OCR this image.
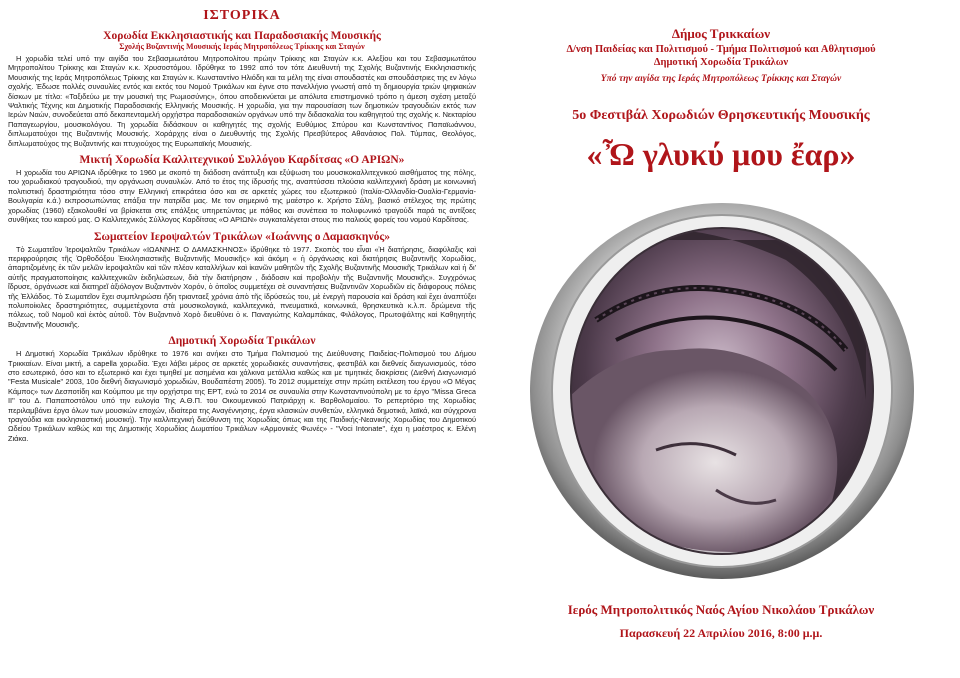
ΙΣΤΟΡΙΚΑ
Χορωδία Εκκλησιαστικής και Παραδοσιακής Μουσικής
Σχολής Βυζαντινής Μουσικής Ιεράς Μητροπόλεως Τρίκκης και Σταγών

Η χορωδία τελεί υπό την αιγίδα του Σεβασμιωτάτου Μητροπολίτου πρώην Τρίκκης και Σταγών κ.κ. Αλεξίου και του Σεβασμιωτάτου Μητροπολίτου Τρίκκης και Σταγών κ.κ. Χρυσοστόμου. Ιδρύθηκε το 1992 από τον τότε Διευθυντή της Σχολής Βυζαντινής Εκκλησιαστικής Μουσικής της Ιεράς Μητροπόλεως Τρίκκης και Σταγών κ. Κωνσταντίνο Ηλιόδη και τα μέλη της είναι σπουδαστές και σπουδάστριες της εν λόγω σχολής. Έδωσε πολλές συναυλίες εντός και εκτός του Νομού Τρικάλων και έγινε στο πανελλήνιο γνωστή από τη δημιουργία τριών ψηφιακών δίσκων με τίτλο: «Ταξιδεύω με την μουσική της Ρωμιοσύνης», όπου αποδεικνύεται με απόλυτα επιστημονικό τρόπο η άμεση σχέση μεταξύ Ψαλτικής Τέχνης και Δημοτικής Παραδοσιακής Ελληνικής Μουσικής. Η χορωδία, για την παρουσίαση των δημοτικών τραγουδιών εκτός των Ιερών Ναών, συνοδεύεται από δεκαπενταμελή ορχήστρα παραδοσιακών οργάνων υπό την διδασκαλία του καθηγητού της σχολής κ. Νεκταρίου Παπαγεωργίου, μουσικολόγου. Τη χορωδία διδάσκουν οι καθηγητές της σχολής Ευθύμιος Σπύρου και Κωνσταντίνος Παπαϊωάννου, διπλωματούχοι της Βυζαντινής Μουσικής. Χοράρχης είναι ο Διευθυντής της Σχολής Πρεσβύτερος Αθανάσιος Πολ. Τύμπας, Θεολόγος, διπλωματούχος της Βυζαντινής και πτυχιούχος της Ευρωπαϊκής Μουσικής.

Μικτή Χορωδία Καλλιτεχνικού Συλλόγου Καρδίτσας «Ο ΑΡΙΩΝ»

Η χορωδία του ΑΡΙΩΝΑ ιδρύθηκε το 1960 με σκοπό τη διάδοση ανάπτυξη και εξύψωση του μουσικοκαλλιτεχνικού αισθήματος της πόλης, του χορωδιακού τραγουδιού, την οργάνωση συναυλιών. Από το έτος της ίδρυσής της, αναπτύσσει πλούσια καλλιτεχνική δράση με κοινωνική πολιτιστική δραστηριότητα τόσο στην Ελληνική επικράτεια όσο και σε αρκετές χώρες του εξωτερικού (Ιταλία-Ολλανδία-Ουαλία-Γερμανία-Βουλγαρία κ.ά.) εκπροσωπώντας επάξια την πατρίδα μας. Με τον σημερινό της μαέστρο κ. Χρήστο Σάλη, βασικό στέλεχος της πρώτης χορωδίας (1960) εξακολουθεί να βρίσκεται στις επάλξεις υπηρετώντας με πάθος και συνέπεια το πολυφωνικό τραγούδι παρά τις αντίξοες συνθήκες του καιρού μας. Ο Καλλιτεχνικός Σύλλογος Καρδίτσας «Ο ΑΡΙΩΝ» συγκαταλέγεται στους πιο παλιούς φορείς του νομού Καρδίτσας.

Σωματείον Ιεροψαλτών Τρικάλων «Ιωάννης ο Δαμασκηνός»

Τὸ Σωματεῖον Ἱεροψαλτῶν Τρικάλων «ΙΩΑΝΝΗΣ Ο ΔΑΜΑΣΚΗΝΟΣ» ἱδρύθηκε τὸ 1977. Σκοπὸς του εἶναι «Ἡ διατήρησις, διαφύλαξις καὶ περιφρούρησις τῆς Ὀρθοδόξου Ἐκκλησιαστικῆς Βυζαντινῆς Μουσικῆς» καὶ ἀκόμη « ἡ ὀργάνωσις καὶ διατήρησις Βυζαντινῆς Χορωδίας, ἀπαρτιζομένης ἐκ τῶν μελῶν ἱεροψαλτῶν καὶ τῶν πλέον καταλλήλων καὶ ἱκανῶν μαθητῶν τῆς Σχολῆς Βυζαντινῆς Μουσικῆς Τρικάλων καὶ ἡ δι' αὐτῆς πραγματοποίησις καλλιτεχνικῶν ἐκδηλώσεων, διὰ τὴν διατήρησιν , διάδοσιν καὶ προβολὴν τῆς Βυζαντινῆς Μουσικῆς». Συγχρόνως ἵδρυσε, ὀργάνωσε καὶ διατηρεῖ ἀξιόλογον Βυζαντινὸν Χορόν, ὁ ὁποῖος συμμετέχει σὲ συναντήσεις Βυζαντινῶν Χορωδιῶν εἰς διάφορους πόλεις τῆς Ἑλλάδος. Τὸ Σωματεῖον ἔχει συμπληρώσει ἤδη τριανταεξ χρόνια ἀπὸ τῆς ἱδρύσεώς του, μὲ ἐνεργὴ παρουσία καὶ δράση καὶ ἔχει ἀναπτύξει πολυποίκιλες δραστηριότητες, συμμετέχοντα στὰ μουσικολογικά, καλλιτεχνικά, πνευματικά, κοινωνικά, θρησκευτικὰ κ.λ.π. δρώμενα τῆς πόλεως, τοῦ Νομοῦ καὶ ἐκτὸς αὐτοῦ. Τὸν Βυζαντινὸ Χορὸ διευθύνει ὁ κ. Παναγιώτης Καλαμπάκας, Φιλόλογος, Πρωτοψάλτης καὶ Καθηγητὴς Βυζαντινῆς Μουσικῆς.

Δημοτική Χορωδία Τρικάλων

Η Δημοτική Χορωδία Τρικάλων ιδρύθηκε το 1976 και ανήκει στο Τμήμα Πολιτισμού της Διεύθυνσης Παιδείας-Πολιτισμού του Δήμου Τρικκαίων. Είναι μικτή, a capella χορωδία. Έχει λάβει μέρος σε αρκετές χορωδιακές συναντήσεις, φεστιβάλ και διεθνείς διαγωνισμούς, τόσο στο εσωτερικό, όσο και το εξωτερικό και έχει τιμηθεί με ασημένια και χάλκινα μετάλλια καθώς και με τιμητικές διακρίσεις (Διεθνή Διαγωνισμό "Festa Musicale" 2003, 10ο διεθνή διαγωνισμό χορωδιών, Βουδαπέστη 2005). Το 2012 συμμετείχε στην πρώτη εκτέλεση του έργου «Ο Μέγας Κάμπος» των Δεσποτίδη και Κούμπου με την ορχήστρα της ΕΡΤ, ενώ το 2014 σε συναυλία στην Κωνσταντινούπολη με το έργο "Missa Greca II" του Δ. Παπαποστόλου υπό την ευλογία Της Α.Θ.Π. του Οικουμενικού Πατριάρχη κ. Βαρθολομαίου. Το ρεπερτόριο της Χορωδίας περιλαμβάνει έργα όλων των μουσικών εποχών, ιδιαίτερα της Αναγέννησης, έργα κλασικών συνθετών, ελληνικά δημοτικά, λαϊκά, και σύγχρονα τραγούδια και εκκλησιαστική μουσική). Την καλλιτεχνική διεύθυνση της Χορωδίας όπως και της Παιδικής-Νεανικής Χορωδίας του Δημοτικού Ωδείου Τρικάλων καθώς και της Δημοτικής Χορωδίας Δωματίου Τρικάλων «Αρμονικές Φωνές» - "Voci Intonate", έχει η μαέστρος κ. Ελένη Ζιάκα.

Δήμος Τρικκαίων
Δ/νση Παιδείας και Πολιτισμού - Τμήμα Πολιτισμού και Αθλητισμού
Δημοτική Χορωδία Τρικάλων
Υπό την αιγίδα της Ιεράς Μητροπόλεως Τρίκκης και Σταγών
5ο Φεστιβάλ Χορωδιών Θρησκευτικής Μουσικής
«Ὦ γλυκύ μου ἔαρ»
Ιερός Μητροπολιτικός Ναός Αγίου Νικολάου Τρικάλων
Παρασκευή 22 Απριλίου 2016, 8:00 μ.μ.
